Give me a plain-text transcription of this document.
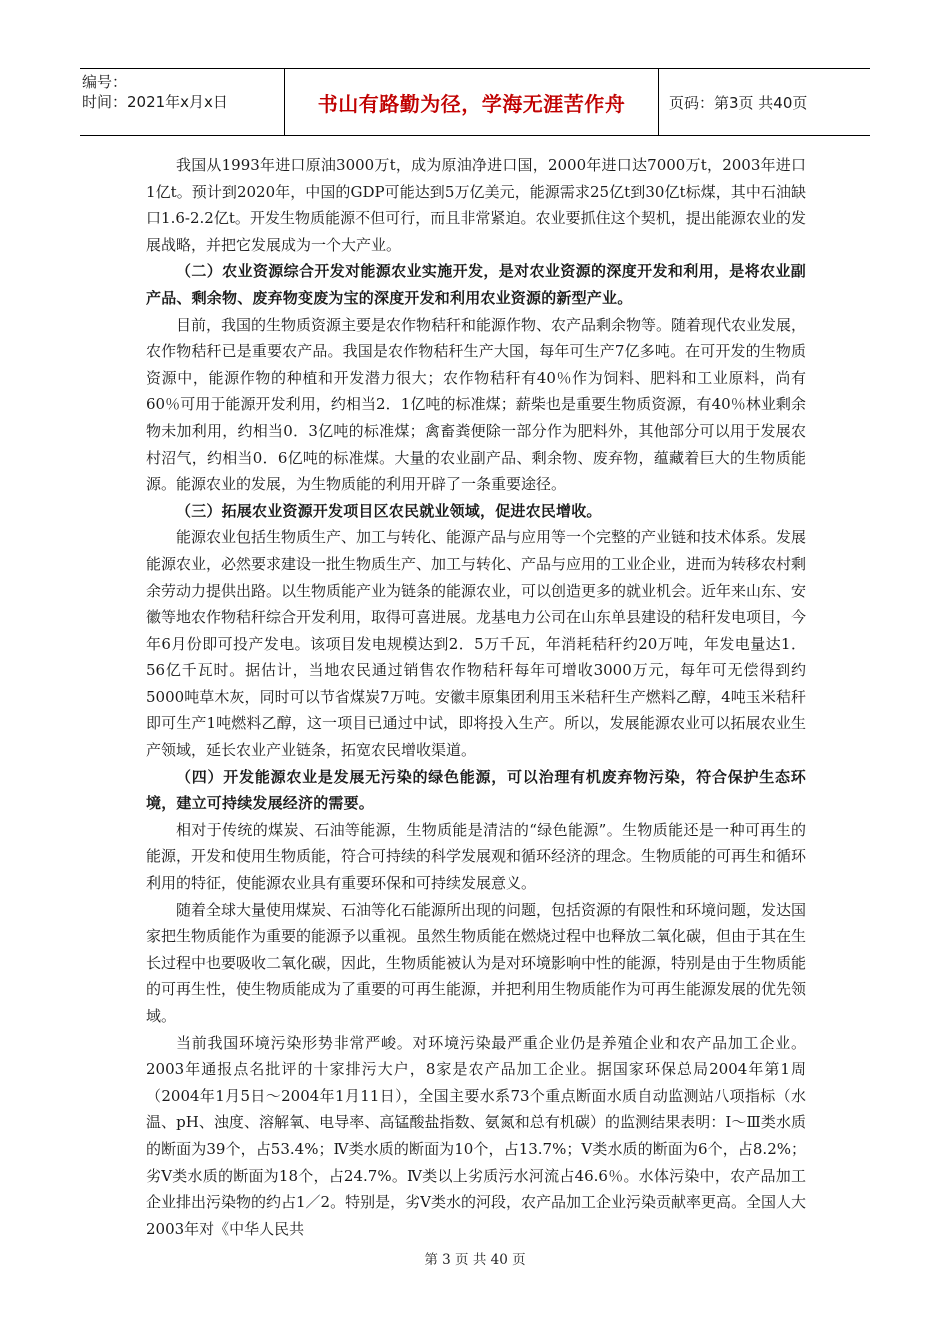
编号：
时间：2021年x月x日	书山有路勤为径，学海无涯苦作舟	页码：第3页 共40页

我国从1993年进口原油3000万t，成为原油净进口国，2000年进口达7000万t，2003年进口1亿t。预计到2020年，中国的GDP可能达到5万亿美元，能源需求25亿t到30亿t标煤，其中石油缺口1.6-2.2亿t。开发生物质能源不但可行，而且非常紧迫。农业要抓住这个契机，提出能源农业的发展战略，并把它发展成为一个大产业。

（二）农业资源综合开发对能源农业实施开发，是对农业资源的深度开发和利用，是将农业副产品、剩余物、废弃物变废为宝的深度开发和利用农业资源的新型产业。

目前，我国的生物质资源主要是农作物秸秆和能源作物、农产品剩余物等。随着现代农业发展，农作物秸秆已是重要农产品。我国是农作物秸秆生产大国，每年可生产7亿多吨。在可开发的生物质资源中，能源作物的种植和开发潜力很大；农作物秸秆有40％作为饲料、肥料和工业原料，尚有60％可用于能源开发利用，约相当2．1亿吨的标准煤；薪柴也是重要生物质资源，有40％林业剩余物未加利用，约相当0．3亿吨的标准煤；禽畜粪便除一部分作为肥料外，其他部分可以用于发展农村沼气，约相当0．6亿吨的标准煤。大量的农业副产品、剩余物、废弃物，蕴藏着巨大的生物质能源。能源农业的发展，为生物质能的利用开辟了一条重要途径。

（三）拓展农业资源开发项目区农民就业领域，促进农民增收。

能源农业包括生物质生产、加工与转化、能源产品与应用等一个完整的产业链和技术体系。发展能源农业，必然要求建设一批生物质生产、加工与转化、产品与应用的工业企业，进而为转移农村剩余劳动力提供出路。以生物质能产业为链条的能源农业，可以创造更多的就业机会。近年来山东、安徽等地农作物秸秆综合开发利用，取得可喜进展。龙基电力公司在山东单县建设的秸秆发电项目，今年6月份即可投产发电。该项目发电规模达到2．5万千瓦，年消耗秸秆约20万吨，年发电量达1．56亿千瓦时。据估计，当地农民通过销售农作物秸秆每年可增收3000万元，每年可无偿得到约5000吨草木灰，同时可以节省煤炭7万吨。安徽丰原集团利用玉米秸秆生产燃料乙醇，4吨玉米秸秆即可生产1吨燃料乙醇，这一项目已通过中试，即将投入生产。所以，发展能源农业可以拓展农业生产领域，延长农业产业链条，拓宽农民增收渠道。

（四）开发能源农业是发展无污染的绿色能源，可以治理有机废弃物污染，符合保护生态环境，建立可持续发展经济的需要。

相对于传统的煤炭、石油等能源，生物质能是清洁的“绿色能源”。生物质能还是一种可再生的能源，开发和使用生物质能，符合可持续的科学发展观和循环经济的理念。生物质能的可再生和循环利用的特征，使能源农业具有重要环保和可持续发展意义。

随着全球大量使用煤炭、石油等化石能源所出现的问题，包括资源的有限性和环境问题，发达国家把生物质能作为重要的能源予以重视。虽然生物质能在燃烧过程中也释放二氧化碳，但由于其在生长过程中也要吸收二氧化碳，因此，生物质能被认为是对环境影响中性的能源，特别是由于生物质能的可再生性，使生物质能成为了重要的可再生能源，并把利用生物质能作为可再生能源发展的优先领域。

当前我国环境污染形势非常严峻。对环境污染最严重企业仍是养殖企业和农产品加工企业。2003年通报点名批评的十家排污大户，8家是农产品加工企业。据国家环保总局2004年第1周（2004年1月5日～2004年1月11日），全国主要水系73个重点断面水质自动监测站八项指标（水温、pH、浊度、溶解氧、电导率、高锰酸盐指数、氨氮和总有机碳）的监测结果表明：Ⅰ～Ⅲ类水质的断面为39个，占53.4%；Ⅳ类水质的断面为10个，占13.7%；Ⅴ类水质的断面为6个，占8.2%；劣Ⅴ类水质的断面为18个，占24.7%。Ⅳ类以上劣质污水河流占46.6％。水体污染中，农产品加工企业排出污染物的约占1／2。特别是，劣Ⅴ类水的河段，农产品加工企业污染贡献率更高。全国人大2003年对《中华人民共

第 3 页 共 40 页
